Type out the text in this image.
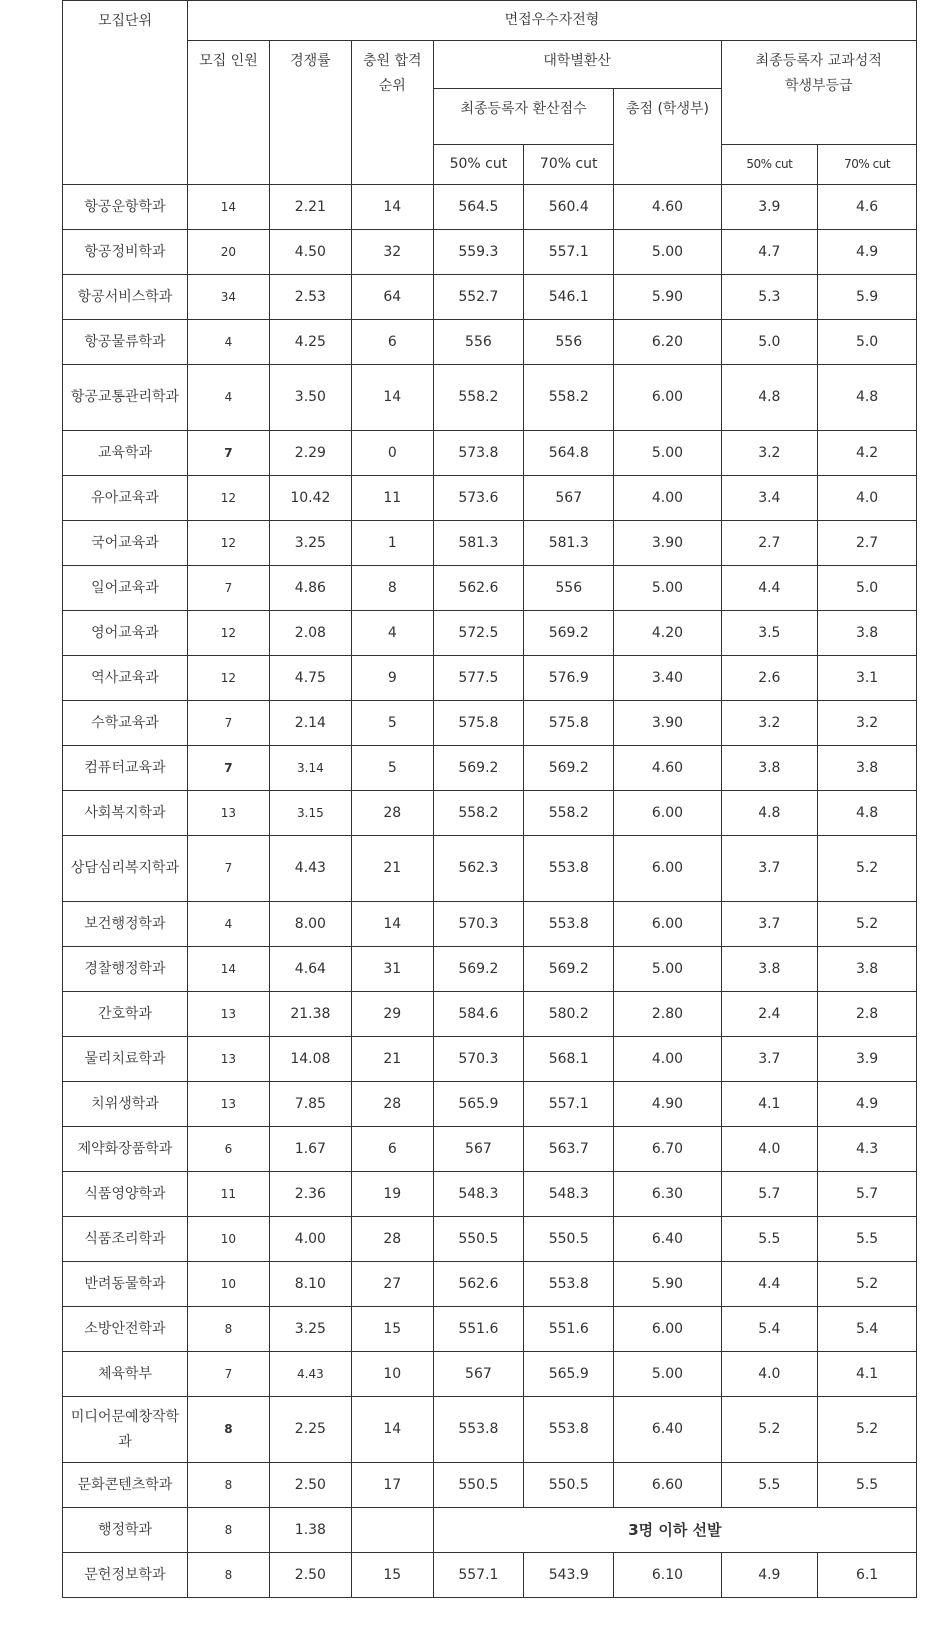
모집단위	면접우수자전형							
	모집 인원	경쟁률	충원 합격 순위	대학별환산			최종등록자 교과성적 학생부등급	
				최종등록자 환산점수		총점 (학생부)		
				50% cut	70% cut		50% cut	70% cut
항공운항학과	14	2.21	14	564.5	560.4	4.60	3.9	4.6
항공정비학과	20	4.50	32	559.3	557.1	5.00	4.7	4.9
항공서비스학과	34	2.53	64	552.7	546.1	5.90	5.3	5.9
항공물류학과	4	4.25	6	556	556	6.20	5.0	5.0
항공교통관리학과	4	3.50	14	558.2	558.2	6.00	4.8	4.8
교육학과	7	2.29	0	573.8	564.8	5.00	3.2	4.2
유아교육과	12	10.42	11	573.6	567	4.00	3.4	4.0
국어교육과	12	3.25	1	581.3	581.3	3.90	2.7	2.7
일어교육과	7	4.86	8	562.6	556	5.00	4.4	5.0
영어교육과	12	2.08	4	572.5	569.2	4.20	3.5	3.8
역사교육과	12	4.75	9	577.5	576.9	3.40	2.6	3.1
수학교육과	7	2.14	5	575.8	575.8	3.90	3.2	3.2
컴퓨터교육과	7	3.14	5	569.2	569.2	4.60	3.8	3.8
사회복지학과	13	3.15	28	558.2	558.2	6.00	4.8	4.8
상담심리복지학과	7	4.43	21	562.3	553.8	6.00	3.7	5.2
보건행정학과	4	8.00	14	570.3	553.8	6.00	3.7	5.2
경찰행정학과	14	4.64	31	569.2	569.2	5.00	3.8	3.8
간호학과	13	21.38	29	584.6	580.2	2.80	2.4	2.8
물리치료학과	13	14.08	21	570.3	568.1	4.00	3.7	3.9
치위생학과	13	7.85	28	565.9	557.1	4.90	4.1	4.9
제약화장품학과	6	1.67	6	567	563.7	6.70	4.0	4.3
식품영양학과	11	2.36	19	548.3	548.3	6.30	5.7	5.7
식품조리학과	10	4.00	28	550.5	550.5	6.40	5.5	5.5
반려동물학과	10	8.10	27	562.6	553.8	5.90	4.4	5.2
소방안전학과	8	3.25	15	551.6	551.6	6.00	5.4	5.4
체육학부	7	4.43	10	567	565.9	5.00	4.0	4.1
미디어문예창작학과	8	2.25	14	553.8	553.8	6.40	5.2	5.2
문화콘텐츠학과	8	2.50	17	550.5	550.5	6.60	5.5	5.5
행정학과	8	1.38		3명 이하 선발				
문헌정보학과	8	2.50	15	557.1	543.9	6.10	4.9	6.1
